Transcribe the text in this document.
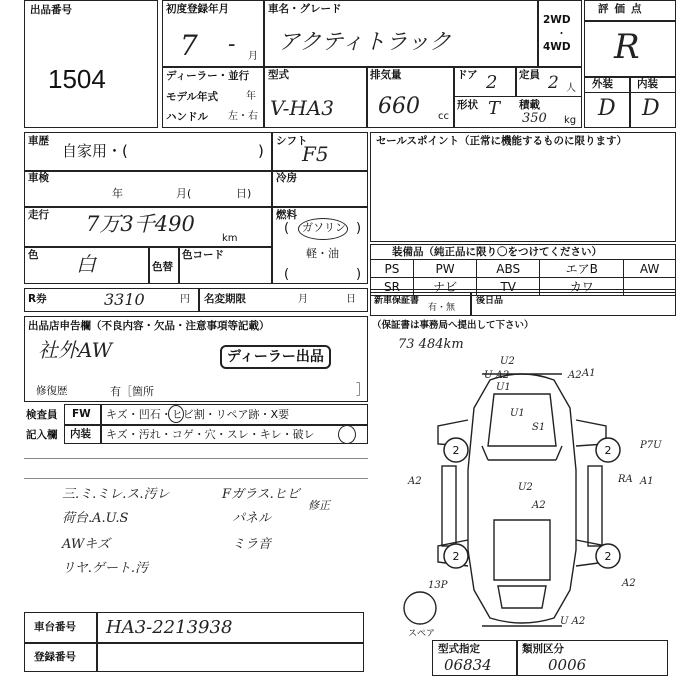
出品番号
1504
初度登録年月
7 - 月
ディーラー・並行
モデル年式	年
ハンドル 左・右
車名・グレード
アクティトラック
2WD
・
4WD
型式
V-HA3
排気量
660 cc
ドア 2 定員 2 人
形状 T 積載
350 kg
評価点
R
外装 内装
D D
車歴
自家用・(	)
車検
年	月(	日)
走行 7万3千490
km
色 白	色替
色コード
シフト
F5
冷房
燃料
( ガソリン )
軽・油
(	)
セールスポイント（正常に機能するものに限ります）
装備品（純正品に限り〇をつけてください）
PS	PW	ABS	エアB	AW
SR	ナビ	TV	カワ	
R券	3310	円 名変期限	月	日 新車保証書
有・無
後日品
出品店申告欄（不良内容・欠品・注意事項等記載）
社外AW	ディーラー出品
修復歴	有［箇所	］
検査員
記入欄
FW キズ・凹石・ヒビ割・リペア跡・X要
内装 キズ・汚れ・コゲ・穴・スレ・キレ・破レ
三.ミ.ミレ.ス.汚レ
荷台.A.U.S
AWキズ
リヤ.ゲート.汚
Fガラス.ヒビ
パネル
ミラ音
修正
（保証書は事務局へ提出して下さい）
73 484km
2	2
2	2
U2
U A2	A2
U1
P7U
A2	A1
U2
S1
A2
U A2
A2
13P
U1
A1
RA
スペア
車台番号 HA3-2213938
登録番号
型式指定
06834
類別区分
0006
